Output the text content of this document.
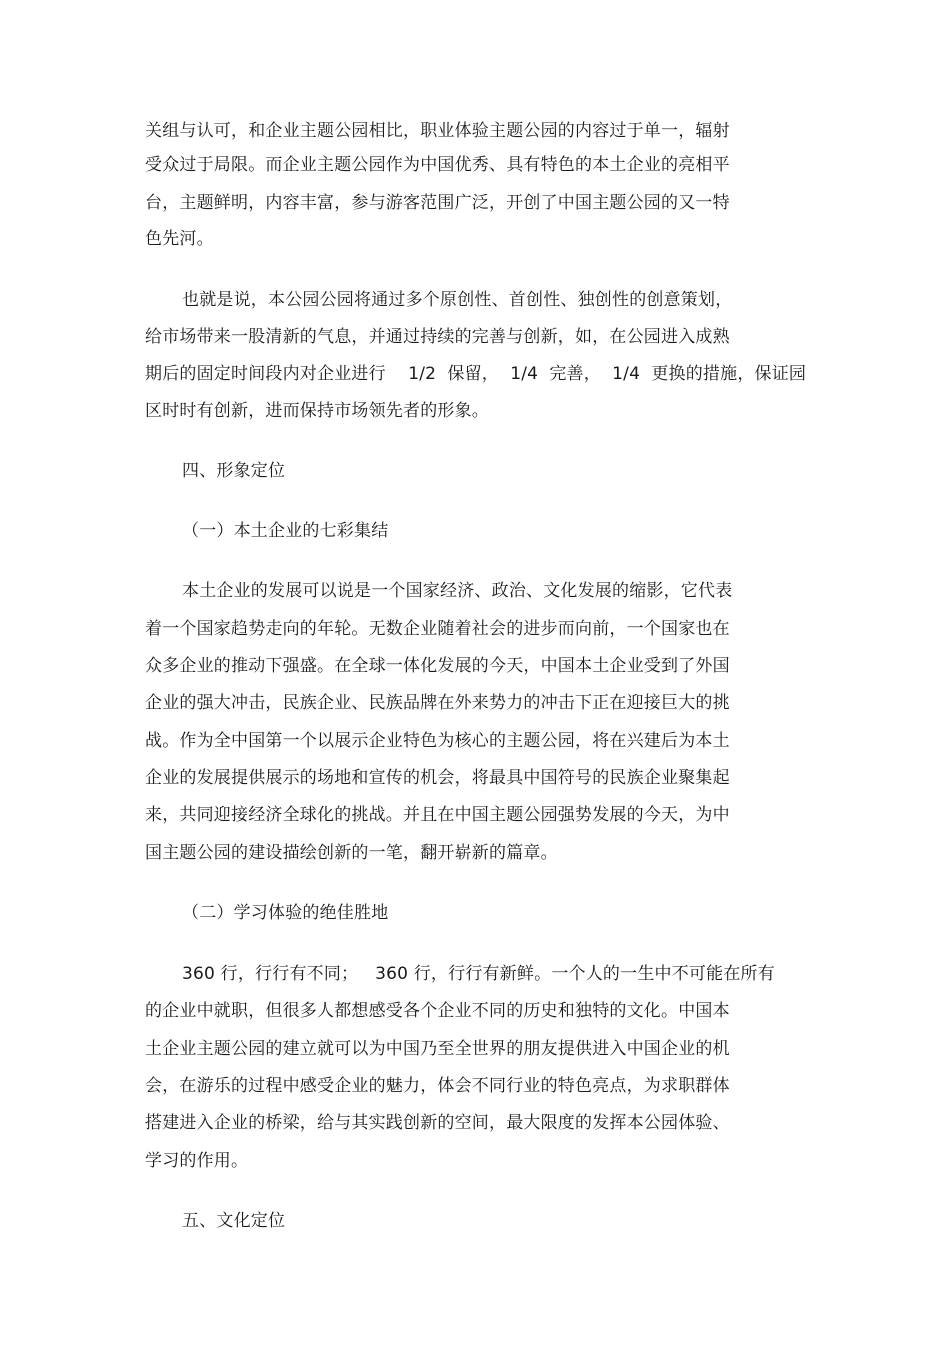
关组与认可，和企业主题公园相比，职业体验主题公园的内容过于单一，辐射
受众过于局限。而企业主题公园作为中国优秀、具有特色的本土企业的亮相平
台，主题鲜明，内容丰富，参与游客范围广泛，开创了中国主题公园的又一特
色先河。
也就是说，本公园公园将通过多个原创性、首创性、独创性的创意策划，
给市场带来一股清新的气息，并通过持续的完善与创新，如，在公园进入成熟
期后的固定时间段内对企业进行    1/2  保留，  1/4  完善，  1/4  更换的措施，保证园
区时时有创新，进而保持市场领先者的形象。
四、形象定位
（一）本土企业的七彩集结
本土企业的发展可以说是一个国家经济、政治、文化发展的缩影，它代表
着一个国家趋势走向的年轮。无数企业随着社会的进步而向前，一个国家也在
众多企业的推动下强盛。在全球一体化发展的今天，中国本土企业受到了外国
企业的强大冲击，民族企业、民族品牌在外来势力的冲击下正在迎接巨大的挑
战。作为全中国第一个以展示企业特色为核心的主题公园，将在兴建后为本土
企业的发展提供展示的场地和宣传的机会，将最具中国符号的民族企业聚集起
来，共同迎接经济全球化的挑战。并且在中国主题公园强势发展的今天，为中
国主题公园的建设描绘创新的一笔，翻开崭新的篇章。
（二）学习体验的绝佳胜地
360 行，行行有不同；   360 行，行行有新鲜。一个人的一生中不可能在所有
的企业中就职，但很多人都想感受各个企业不同的历史和独特的文化。中国本
土企业主题公园的建立就可以为中国乃至全世界的朋友提供进入中国企业的机
会，在游乐的过程中感受企业的魅力，体会不同行业的特色亮点，为求职群体
搭建进入企业的桥梁，给与其实践创新的空间，最大限度的发挥本公园体验、
学习的作用。
五、文化定位
